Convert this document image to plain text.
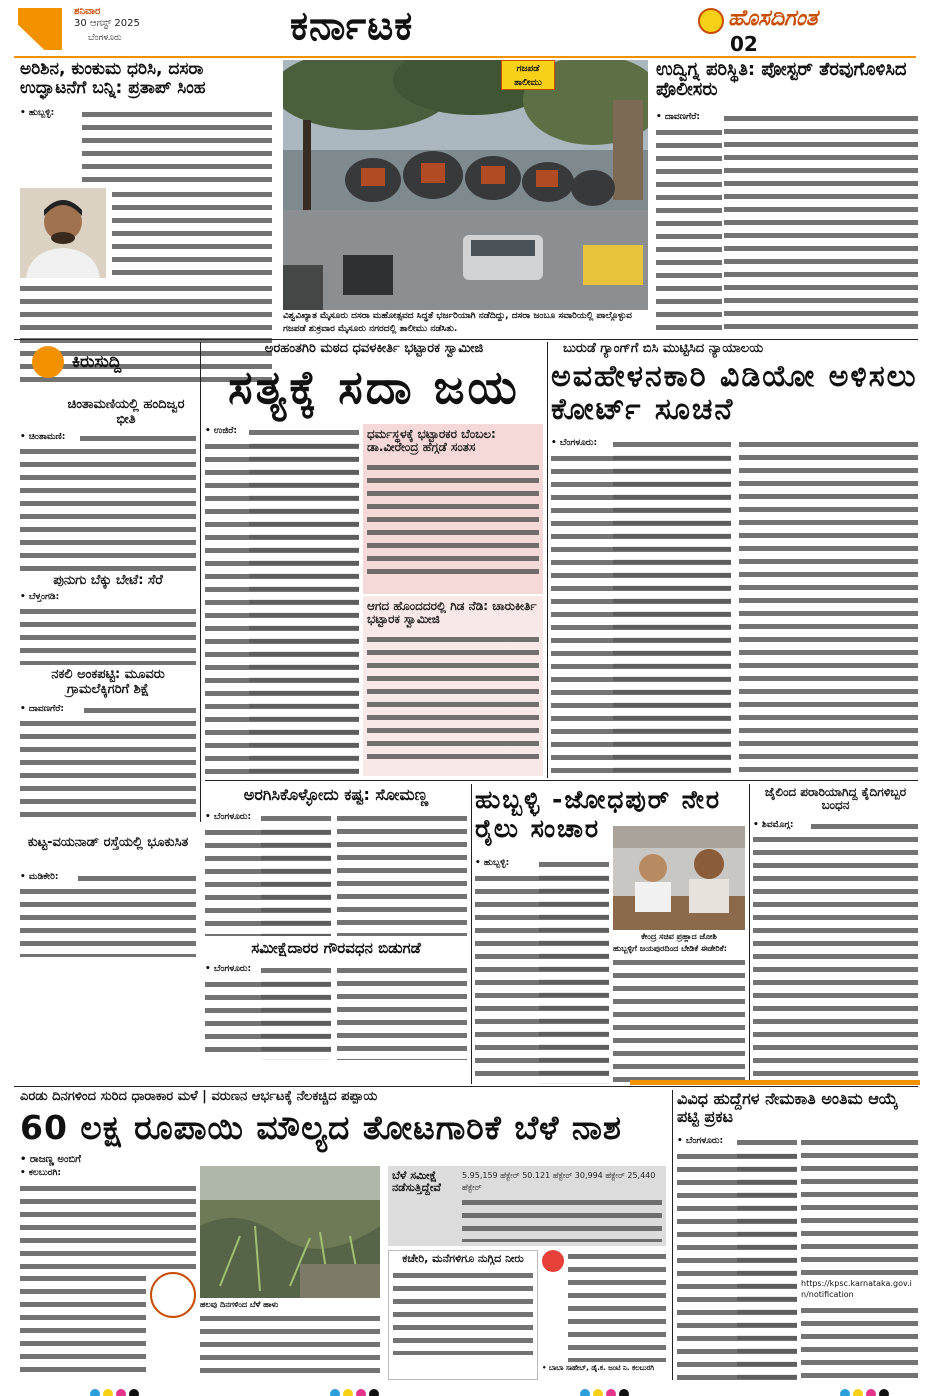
ಶನಿವಾರ
30 ಆಗಸ್ಟ್ 2025
ಬೆಂಗಳೂರು	ಕರ್ನಾಟಕ	ಹೊಸದಿಗಂತ
02
ಅರಿಶಿನ, ಕುಂಕುಮ ಧರಿಸಿ, ದಸರಾ ಉದ್ಘಾಟನೆಗೆ ಬನ್ನಿ: ಪ್ರತಾಪ್ ಸಿಂಹ
• ಹುಬ್ಬಳ್ಳಿ:
ಗಜಪಡೆ ತಾಲೀಮು
ವಿಶ್ವವಿಖ್ಯಾತ ಮೈಸೂರು ದಸರಾ ಮಹೋತ್ಸವದ ಸಿದ್ಧತೆ ಭರ್ಜರಿಯಾಗಿ ನಡೆದಿದ್ದು, ದಸರಾ ಜಂಬೂ ಸವಾರಿಯಲ್ಲಿ ಪಾಲ್ಗೊಳ್ಳುವ ಗಜಪಡೆ ಶುಕ್ರವಾರ ಮೈಸೂರು ನಗರದಲ್ಲಿ ತಾಲೀಮು ನಡೆಸಿತು.
ಉದ್ವಿಗ್ನ ಪರಿಸ್ಥಿತಿ: ಪೋಸ್ಟರ್ ತೆರವುಗೊಳಿಸಿದ ಪೊಲೀಸರು
• ದಾವಣಗೆರೆ:
ಕಿರುಸುದ್ದಿ
ಚಿಂತಾಮಣಿಯಲ್ಲಿ ಹಂದಿಜ್ವರ ಭೀತಿ
• ಚಿಂತಾಮಣಿ:
ಪುನುಗು ಬೆಕ್ಕು ಬೇಟೆ: ಸೆರೆ
• ಬೆಳ್ತಂಗಡಿ:
ನಕಲಿ ಅಂಕಪಟ್ಟಿ: ಮೂವರು ಗ್ರಾಮಲೆಕ್ಕಿಗರಿಗೆ ಶಿಕ್ಷೆ
• ದಾವಣಗೆರೆ:
ಕುಟ್ಟ-ವಯನಾಡ್ ರಸ್ತೆಯಲ್ಲಿ ಭೂಕುಸಿತ
• ಮಡಿಕೇರಿ:
ಅರಹಂತಗಿರಿ ಮಠದ ಧವಳಕೀರ್ತಿ ಭಟ್ಟಾರಕ ಸ್ವಾಮೀಜಿ
ಸತ್ಯಕ್ಕೆ ಸದಾ ಜಯ
• ಉಜಿರೆ:	ಧರ್ಮಸ್ಥಳಕ್ಕೆ ಭಟ್ಟಾರಕರ ಬೆಂಬಲ: ಡಾ.ವೀರೇಂದ್ರ ಹೆಗ್ಗಡೆ ಸಂತಸ
ಆಗದ ಹೊಂದದರಲ್ಲಿ ಗಿಡ ನೆಡಿ: ಚಾರುಕೀರ್ತಿ ಭಟ್ಟಾರಕ ಸ್ವಾಮೀಜಿ
ಬುರುಡೆ ಗ್ಯಾಂಗ್‌ಗೆ ಬಿಸಿ ಮುಟ್ಟಿಸಿದ ನ್ಯಾಯಾಲಯ
ಅವಹೇಳನಕಾರಿ ವಿಡಿಯೋ ಅಳಿಸಲು ಕೋರ್ಟ್ ಸೂಚನೆ
• ಬೆಂಗಳೂರು:
ಅರಗಿಸಿಕೊಳ್ಳೋದು ಕಷ್ಟ: ಸೋಮಣ್ಣ
• ಬೆಂಗಳೂರು:
ಸಮೀಕ್ಷೆದಾರರ ಗೌರವಧನ ಬಿಡುಗಡೆ
• ಬೆಂಗಳೂರು:
ಹುಬ್ಬಳ್ಳಿ -ಜೋಧಪುರ್ ನೇರ ರೈಲು ಸಂಚಾರ
• ಹುಬ್ಬಳ್ಳಿ:
ಕೇಂದ್ರ ಸಚಿವ ಪ್ರಹ್ಲಾದ ಜೋಶಿ
ಹುಬ್ಬಳ್ಳಿಗೆ ಜಯಪುರದಿಂದ ಬೇಡಿಕೆ ಈಡೇರಿಕೆ:
ಜೈಲಿಂದ ಪರಾರಿಯಾಗಿದ್ದ ಕೈದಿಗಳಿಬ್ಬರ ಬಂಧನ
• ಶಿವಮೊಗ್ಗ:
ಎರಡು ದಿನಗಳಿಂದ ಸುರಿದ ಧಾರಾಕಾರ ಮಳೆ | ವರುಣನ ಆರ್ಭಟಕ್ಕೆ ನೆಲಕಚ್ಚಿದ ಪಪ್ಪಾಯ
60 ಲಕ್ಷ ರೂಪಾಯಿ ಮೌಲ್ಯದ ತೋಟಗಾರಿಕೆ ಬೆಳೆ ನಾಶ
• ರಾಜಣ್ಣ ಅಂಬಿಗೆ
• ಕಲಬುರಗಿ:
ಹಲವು ದಿನಗಳಿಂದ ಬೆಳೆ ಹಾಳು
ಬೆಳೆ ಸಮೀಕ್ಷೆ ನಡೆಸುತ್ತಿದ್ದೇವೆ
5.95,159 ಹೆಕ್ಟೇರ್ 50.121 ಹೆಕ್ಟೇರ್ 30,994 ಹೆಕ್ಟೇರ್ 25,440 ಹೆಕ್ಟೇರ್
ಕಚೇರಿ, ಮನೆಗಳಿಗೂ ನುಗ್ಗಿದ ನೀರು
• ಬಾಬಾ ಸಾಹೇಬ್, ಡೈ.ಕ. ಜಂಟಿ ನಿ. ಕಲಬುರಗಿ
ವಿವಿಧ ಹುದ್ದೆಗಳ ನೇಮಕಾತಿ ಅಂತಿಮ ಆಯ್ಕೆ ಪಟ್ಟಿ ಪ್ರಕಟ
• ಬೆಂಗಳೂರು:
https://kpsc.karnataka.gov.in/notification
